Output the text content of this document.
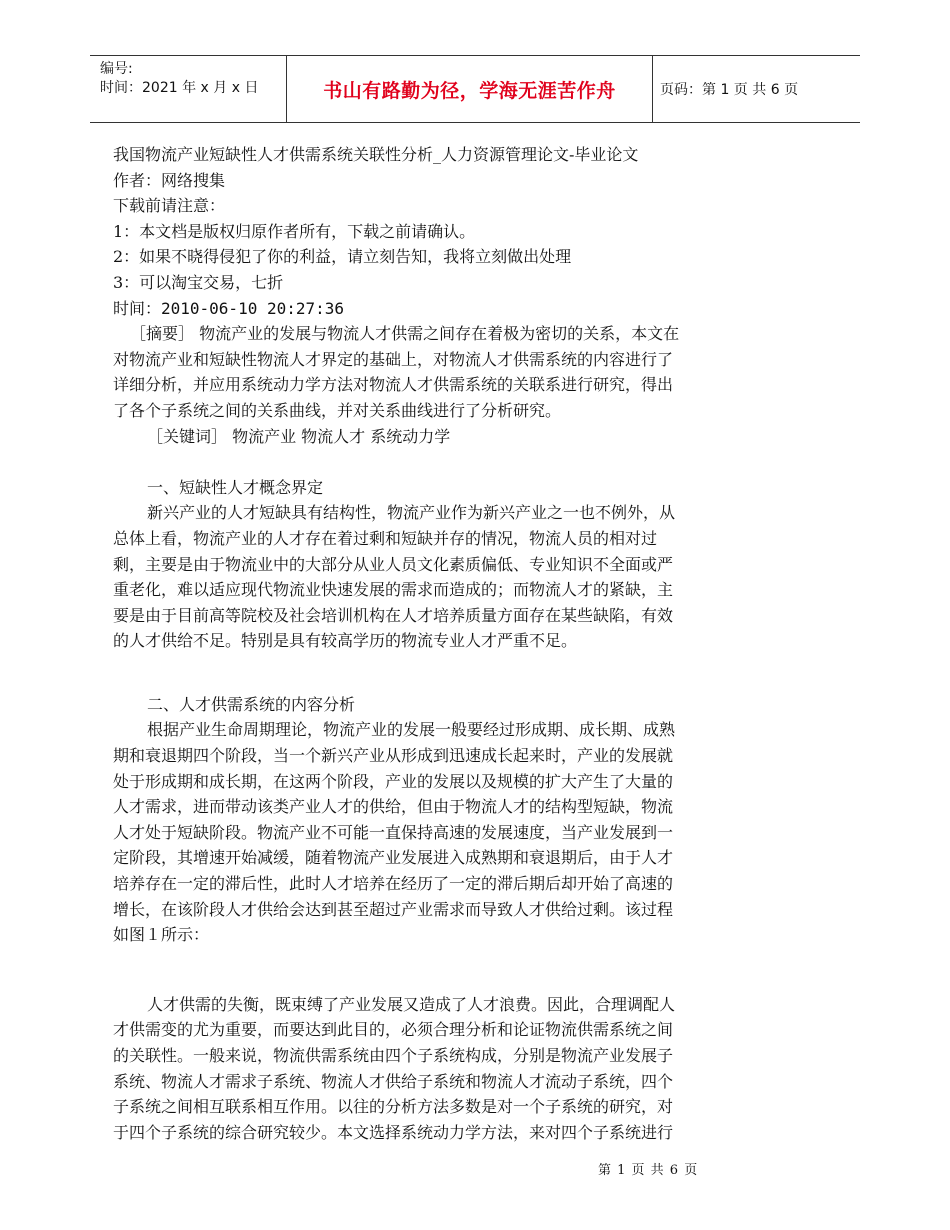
编号:
时间：2021 年 x 月 x 日	书山有路勤为径，学海无涯苦作舟	页码：第 1 页 共 6 页

我国物流产业短缺性人才供需系统关联性分析_人力资源管理论文-毕业论文

作者：网络搜集

下载前请注意：

1：本文档是版权归原作者所有，下载之前请确认。

2：如果不晓得侵犯了你的利益，请立刻告知，我将立刻做出处理

3：可以淘宝交易，七折

时间：2010-06-10 20:27:36

［摘要］ 物流产业的发展与物流人才供需之间存在着极为密切的关系，本文在

对物流产业和短缺性物流人才界定的基础上，对物流人才供需系统的内容进行了

详细分析，并应用系统动力学方法对物流人才供需系统的关联系进行研究，得出

了各个子系统之间的关系曲线，并对关系曲线进行了分析研究。

［关键词］ 物流产业 物流人才 系统动力学

一、短缺性人才概念界定

新兴产业的人才短缺具有结构性，物流产业作为新兴产业之一也不例外，从

总体上看，物流产业的人才存在着过剩和短缺并存的情况，物流人员的相对过

剩，主要是由于物流业中的大部分从业人员文化素质偏低、专业知识不全面或严

重老化，难以适应现代物流业快速发展的需求而造成的；而物流人才的紧缺，主

要是由于目前高等院校及社会培训机构在人才培养质量方面存在某些缺陷，有效

的人才供给不足。特别是具有较高学历的物流专业人才严重不足。

二、人才供需系统的内容分析

根据产业生命周期理论，物流产业的发展一般要经过形成期、成长期、成熟

期和衰退期四个阶段，当一个新兴产业从形成到迅速成长起来时，产业的发展就

处于形成期和成长期，在这两个阶段，产业的发展以及规模的扩大产生了大量的

人才需求，进而带动该类产业人才的供给，但由于物流人才的结构型短缺，物流

人才处于短缺阶段。物流产业不可能一直保持高速的发展速度，当产业发展到一

定阶段，其增速开始减缓，随着物流产业发展进入成熟期和衰退期后，由于人才

培养存在一定的滞后性，此时人才培养在经历了一定的滞后期后却开始了高速的

增长，在该阶段人才供给会达到甚至超过产业需求而导致人才供给过剩。该过程

如图１所示：

人才供需的失衡，既束缚了产业发展又造成了人才浪费。因此，合理调配人

才供需变的尤为重要，而要达到此目的，必须合理分析和论证物流供需系统之间

的关联性。一般来说，物流供需系统由四个子系统构成，分别是物流产业发展子

系统、物流人才需求子系统、物流人才供给子系统和物流人才流动子系统，四个

子系统之间相互联系相互作用。以往的分析方法多数是对一个子系统的研究，对

于四个子系统的综合研究较少。本文选择系统动力学方法，来对四个子系统进行

第 1 页 共 6 页
